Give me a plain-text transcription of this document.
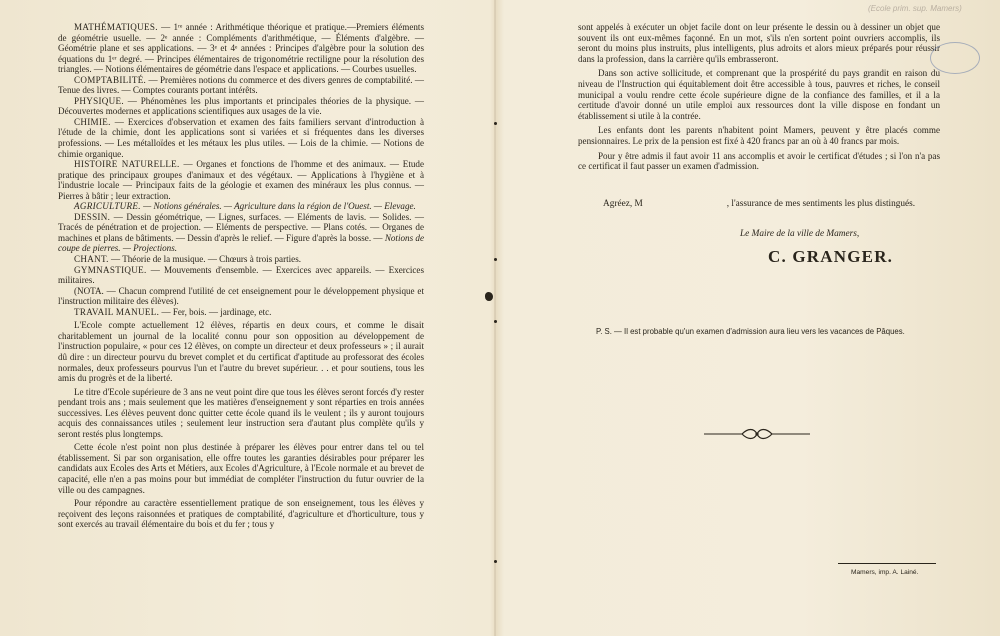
MATHÉMATIQUES. — 1ʳᵉ année : Arithmétique théorique et pratique.—Premiers éléments de géométrie usuelle. — 2ᵉ année : Compléments d'arithmétique, — Éléments d'algèbre. — Géométrie plane et ses applications. — 3ᵉ et 4ᵉ années : Principes d'algèbre pour la solution des équations du 1ᵉʳ degré. — Principes élémentaires de trigonométrie rectiligne pour la résolution des triangles. — Notions élémentaires de géométrie dans l'espace et applications. — Courbes usuelles.

COMPTABILITÉ. — Premières notions du commerce et des divers genres de comptabilité. — Tenue des livres. — Comptes courants portant intérêts.

PHYSIQUE. — Phénomènes les plus importants et principales théories de la physique. — Découvertes modernes et applications scientifiques aux usages de la vie.

CHIMIE. — Exercices d'observation et examen des faits familiers servant d'introduction à l'étude de la chimie, dont les applications sont si variées et si fréquentes dans les diverses professions. — Les métalloïdes et les métaux les plus utiles. — Lois de la chimie. — Notions de chimie organique.

HISTOIRE NATURELLE. — Organes et fonctions de l'homme et des animaux. — Etude pratique des principaux groupes d'animaux et des végétaux. — Applications à l'hygiène et à l'industrie locale — Principaux faits de la géologie et examen des minéraux les plus connus. — Pierres à bâtir ; leur extraction.

AGRICULTURE. — Notions générales. — Agriculture dans la région de l'Ouest. — Elevage.

DESSIN. — Dessin géométrique, — Lignes, surfaces. — Eléments de lavis. — Solides. — Tracés de pénétration et de projection. — Eléments de perspective. — Plans cotés. — Organes de machines et plans de bâtiments. — Dessin d'après le relief. — Figure d'après la bosse. — Notions de coupe de pierres. — Projections.

CHANT. — Théorie de la musique. — Chœurs à trois parties.

GYMNASTIQUE. — Mouvements d'ensemble. — Exercices avec appareils. — Exercices militaires.

(NOTA. — Chacun comprend l'utilité de cet enseignement pour le développement physique et l'instruction militaire des élèves).

TRAVAIL MANUEL. — Fer, bois. — jardinage, etc.

L'Ecole compte actuellement 12 élèves, répartis en deux cours, et comme le disait charitablement un journal de la localité connu pour son opposition au développement de l'instruction populaire, « pour ces 12 élèves, on compte un directeur et deux professeurs » ; il aurait dû dire : un directeur pourvu du brevet complet et du certificat d'aptitude au professorat des écoles normales, deux professeurs pourvus l'un et l'autre du brevet supérieur. . . et pour soutiens, tous les amis du progrès et de la liberté.

Le titre d'Ecole supérieure de 3 ans ne veut point dire que tous les élèves seront forcés d'y rester pendant trois ans ; mais seulement que les matières d'enseignement y sont réparties en trois années successives. Les élèves peuvent donc quitter cette école quand ils le veulent ; ils y auront toujours acquis des connaissances utiles ; seulement leur instruction sera d'autant plus complète qu'ils y seront restés plus longtemps.

Cette école n'est point non plus destinée à préparer les élèves pour entrer dans tel ou tel établissement. Si par son organisation, elle offre toutes les garanties désirables pour préparer les candidats aux Ecoles des Arts et Métiers, aux Ecoles d'Agriculture, à l'Ecole normale et au brevet de capacité, elle n'en a pas moins pour but immédiat de compléter l'instruction du futur ouvrier de la ville ou des campagnes.

Pour répondre au caractère essentiellement pratique de son enseignement, tous les élèves y reçoivent des leçons raisonnées et pratiques de comptabilité, d'agriculture et d'horticulture, tous y sont exercés au travail élémentaire du bois et du fer ; tous y

sont appelés à exécuter un objet facile dont on leur présente le dessin ou à dessiner un objet que souvent ils ont eux-mêmes façonné. En un mot, s'ils n'en sortent point ouvriers accomplis, ils seront du moins plus instruits, plus intelligents, plus adroits et alors mieux préparés pour réussir dans la profession, dans la carrière qu'ils embrasseront.

Dans son active sollicitude, et comprenant que la prospérité du pays grandit en raison du niveau de l'Instruction qui équitablement doit être accessible à tous, pauvres et riches, le conseil municipal a voulu rendre cette école supérieure digne de la confiance des familles, et il a la certitude d'avoir donné un utile emploi aux ressources dont la ville dispose en fondant un établissement si utile à la contrée.

Les enfants dont les parents n'habitent point Mamers, peuvent y être placés comme pensionnaires. Le prix de la pension est fixé à 420 francs par an où à 40 francs par mois.

Pour y être admis il faut avoir 11 ans accomplis et avoir le certificat d'études ; si l'on n'a pas ce certificat il faut passer un examen d'admission.

Agréez, M	, l'assurance de mes sentiments les plus distingués.
Le Maire de la ville de Mamers,
C. GRANGER.
P. S. — Il est probable qu'un examen d'admission aura lieu vers les vacances de Pâques.
Mamers, imp. A. Lainé.
(Ecole prim. sup. Mamers)
